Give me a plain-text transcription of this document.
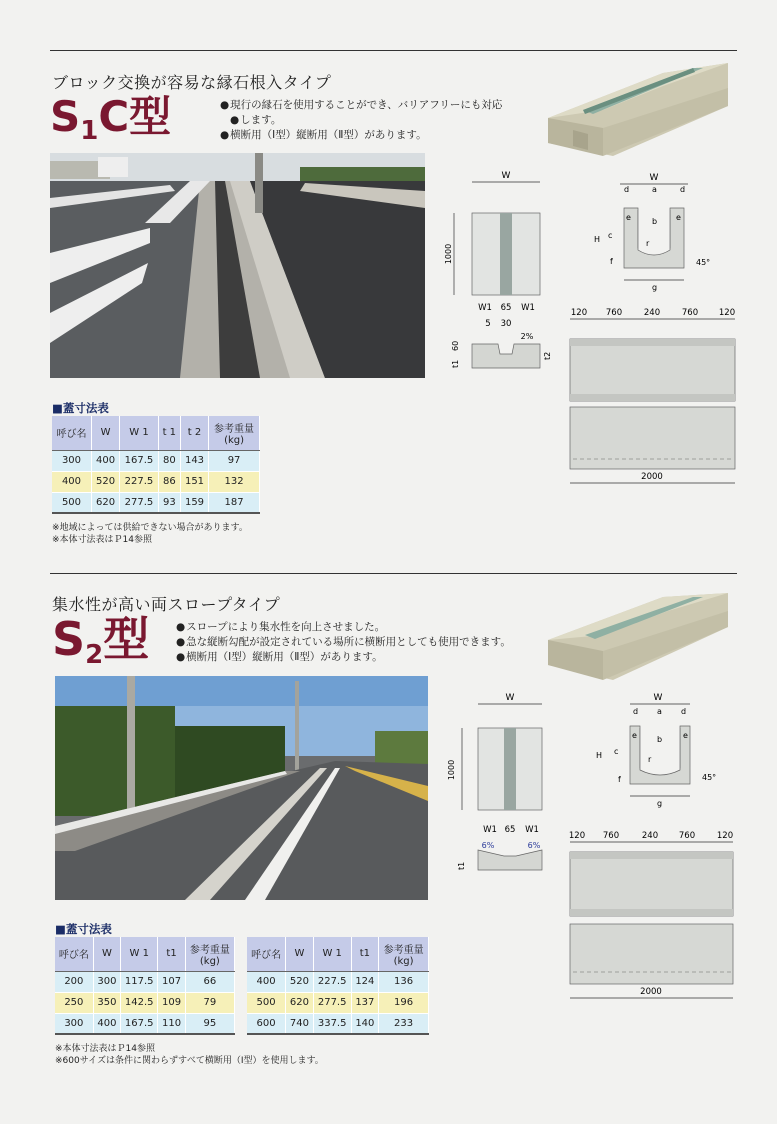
ブロック交換が容易な縁石根入タイプ
$S_1C$型	● 現行の縁石を使用することができ、バリアフリーにも対応
● します。
● 横断用（Ⅰ型）縦断用（Ⅱ型）があります。
W
1000
W1 65 W1
5 30
2%
t1
60
t2
W
d	a	d
e	b e
H c
r
f	45°
g
120 760	240	760 120
2000
■蓋寸法表
呼び名	W	W 1	t 1	t 2	参考重量
(kg)
300	400	167.5	80	143	97
400	520	227.5	86	151	132
500	620	277.5	93	159	187
※地域によっては供給できない場合があります。
※本体寸法表はＰ14参照
集水性が高い両スロープタイプ
$S_2$型	● スロープにより集水性を向上させました。
● 急な縦断勾配が設定されている場所に横断用としても使用できます。
● 横断用（Ⅰ型）縦断用（Ⅱ型）があります。
W
1000
W1 65 W1
6%	6%
t1
W
d a d
e	b	e
H c
r
f	45°
g
120 760	240 760	120
2000
■蓋寸法表
呼び名	W	W 1	t1	参考重量
(kg)
200	300	117.5	107	66
250	350	142.5	109	79
300	400	167.5	110	95
呼び名	W	W 1	t1	参考重量
(kg)
400	520	227.5	124	136
500	620	277.5	137	196
600	740	337.5	140	233
※本体寸法表はＰ14参照
※600サイズは条件に関わらずすべて横断用（Ⅰ型）を使用します。
